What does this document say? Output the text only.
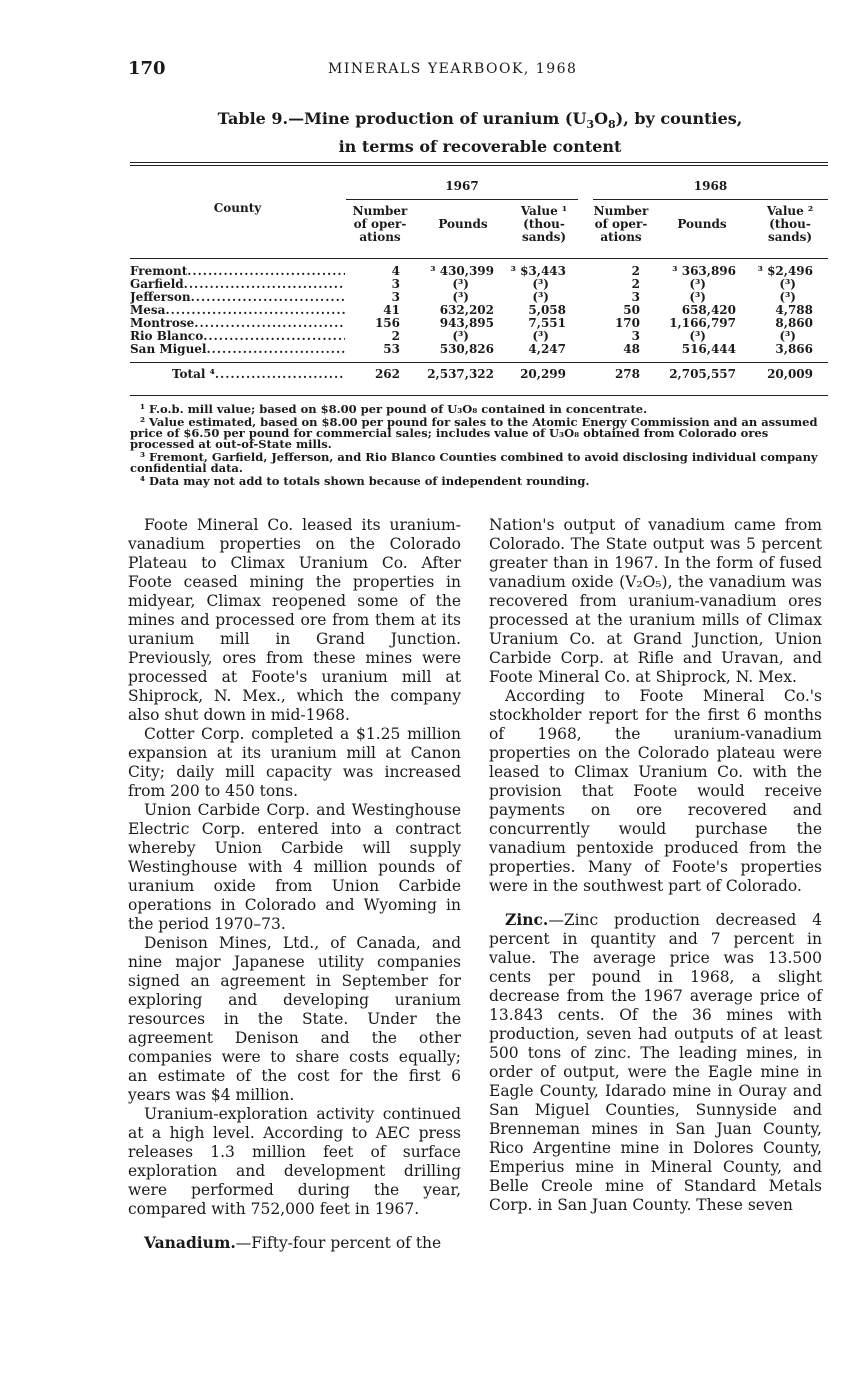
170	MINERALS YEARBOOK, 1968
Table 9.—Mine production of uranium $(U_3O_8)$, by counties,
in terms of recoverable content
County
1967	1968
Number
of oper-
ations
Pounds
Value ¹
(thou-
sands)
Number
of oper-
ations
Pounds
Value ²
(thou-
sands)
Fremont .....	4	³ 430,399	³ $3,443	2	³ 363,896	³ $2,496
Garfield .....	3	(³)	(³)	2	(³)	(³)
Jefferson .....	3	(³)	(³)	3	(³)	(³)
Mesa .....	41	632,202	5,058	50	658,420	4,788
Montrose .....	156	943,895	7,551	170	1,166,797	8,860
Rio Blanco .....	2	(³)	(³)	3	(³)	(³)
San Miguel .....	53	530,826	4,247	48	516,444	3,866
Total ⁴ .....	262	2,537,322	20,299	278	2,705,557	20,009

¹ F.o.b. mill value; based on $8.00 per pound of U₃O₈ contained in concentrate.

² Value estimated, based on $8.00 per pound for sales to the Atomic Energy Commission and an assumed price of $6.50 per pound for commercial sales; includes value of U₃O₈ obtained from Colorado ores processed at out-of-State mills.

³ Fremont, Garfield, Jefferson, and Rio Blanco Counties combined to avoid disclosing individual company confidential data.

⁴ Data may not add to totals shown because of independent rounding.

Foote Mineral Co. leased its uranium-vanadium properties on the Colorado Plateau to Climax Uranium Co. After Foote ceased mining the properties in midyear, Climax reopened some of the mines and processed ore from them at its uranium mill in Grand Junction. Previously, ores from these mines were processed at Foote's uranium mill at Shiprock, N. Mex., which the company also shut down in mid-1968.

Cotter Corp. completed a $1.25 million expansion at its uranium mill at Canon City; daily mill capacity was increased from 200 to 450 tons.

Union Carbide Corp. and Westinghouse Electric Corp. entered into a contract whereby Union Carbide will supply Westinghouse with 4 million pounds of uranium oxide from Union Carbide operations in Colorado and Wyoming in the period 1970–73.

Denison Mines, Ltd., of Canada, and nine major Japanese utility companies signed an agreement in September for exploring and developing uranium resources in the State. Under the agreement Denison and the other companies were to share costs equally; an estimate of the cost for the first 6 years was $4 million.

Uranium-exploration activity continued at a high level. According to AEC press releases 1.3 million feet of surface exploration and development drilling were performed during the year, compared with 752,000 feet in 1967.

Vanadium.—Fifty-four percent of the

Nation's output of vanadium came from Colorado. The State output was 5 percent greater than in 1967. In the form of fused vanadium oxide (V₂O₅), the vanadium was recovered from uranium-vanadium ores processed at the uranium mills of Climax Uranium Co. at Grand Junction, Union Carbide Corp. at Rifle and Uravan, and Foote Mineral Co. at Shiprock, N. Mex.

According to Foote Mineral Co.'s stockholder report for the first 6 months of 1968, the uranium-vanadium properties on the Colorado plateau were leased to Climax Uranium Co. with the provision that Foote would receive payments on ore recovered and concurrently would purchase the vanadium pentoxide produced from the properties. Many of Foote's properties were in the southwest part of Colorado.

Zinc.—Zinc production decreased 4 percent in quantity and 7 percent in value. The average price was 13.500 cents per pound in 1968, a slight decrease from the 1967 average price of 13.843 cents. Of the 36 mines with production, seven had outputs of at least 500 tons of zinc. The leading mines, in order of output, were the Eagle mine in Eagle County, Idarado mine in Ouray and San Miguel Counties, Sunnyside and Brenneman mines in San Juan County, Rico Argentine mine in Dolores County, Emperius mine in Mineral County, and Belle Creole mine of Standard Metals Corp. in San Juan County. These seven
